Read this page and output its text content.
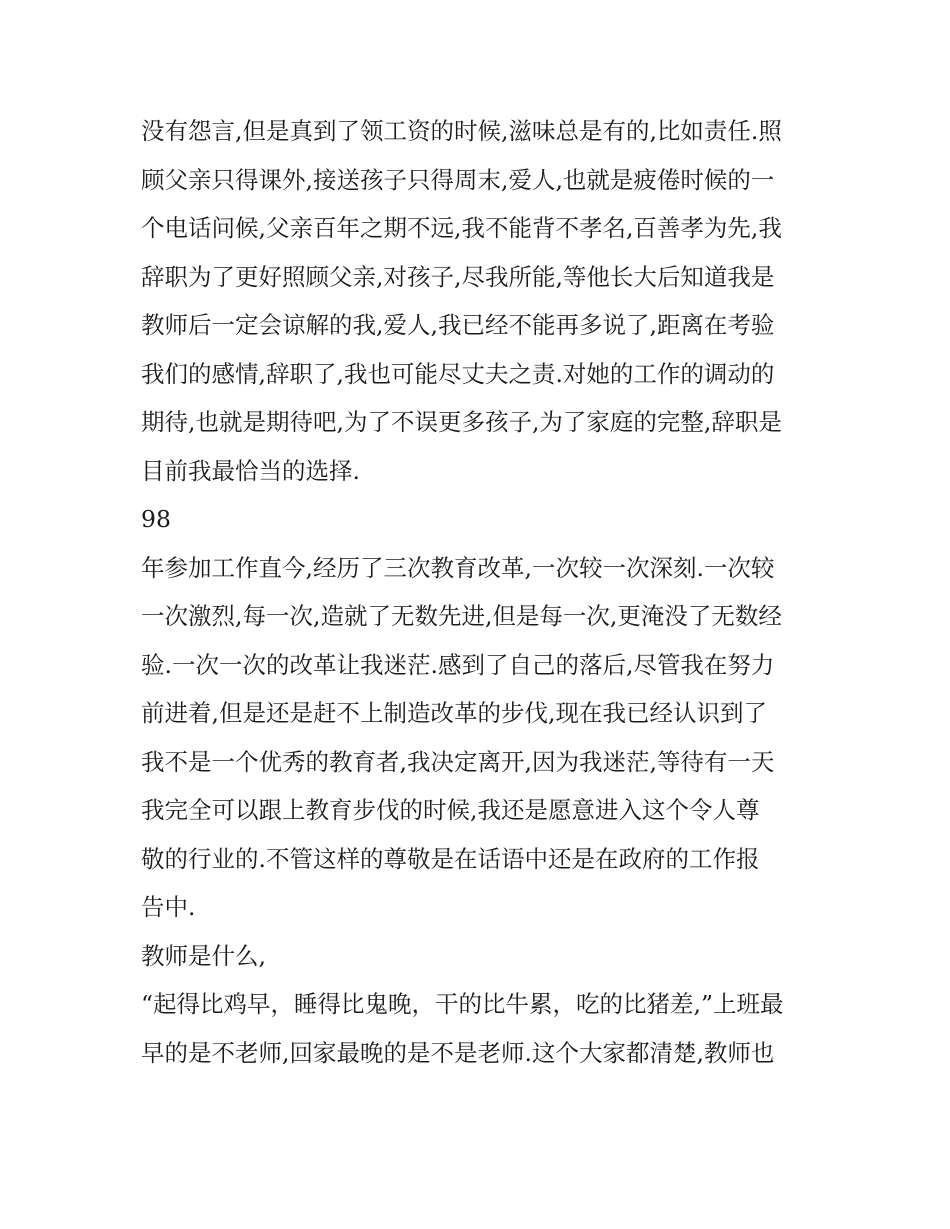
没有怨言,但是真到了领工资的时候,滋味总是有的,比如责任.照
顾父亲只得课外,接送孩子只得周末,爱人,也就是疲倦时候的一
个电话问候,父亲百年之期不远,我不能背不孝名,百善孝为先,我
辞职为了更好照顾父亲,对孩子,尽我所能,等他长大后知道我是
教师后一定会谅解的我,爱人,我已经不能再多说了,距离在考验
我们的感情,辞职了,我也可能尽丈夫之责.对她的工作的调动的
期待,也就是期待吧,为了不误更多孩子,为了家庭的完整,辞职是
目前我最恰当的选择.
98
年参加工作直今,经历了三次教育改革,一次较一次深刻.一次较
一次激烈,每一次,造就了无数先进,但是每一次,更淹没了无数经
验.一次一次的改革让我迷茫.感到了自己的落后,尽管我在努力
前进着,但是还是赶不上制造改革的步伐,现在我已经认识到了
我不是一个优秀的教育者,我决定离开,因为我迷茫,等待有一天
我完全可以跟上教育步伐的时候,我还是愿意进入这个令人尊
敬的行业的.不管这样的尊敬是在话语中还是在政府的工作报
告中.
教师是什么,
“起得比鸡早，睡得比鬼晚，干的比牛累，吃的比猪差,”上班最
早的是不老师,回家最晚的是不是老师.这个大家都清楚,教师也
